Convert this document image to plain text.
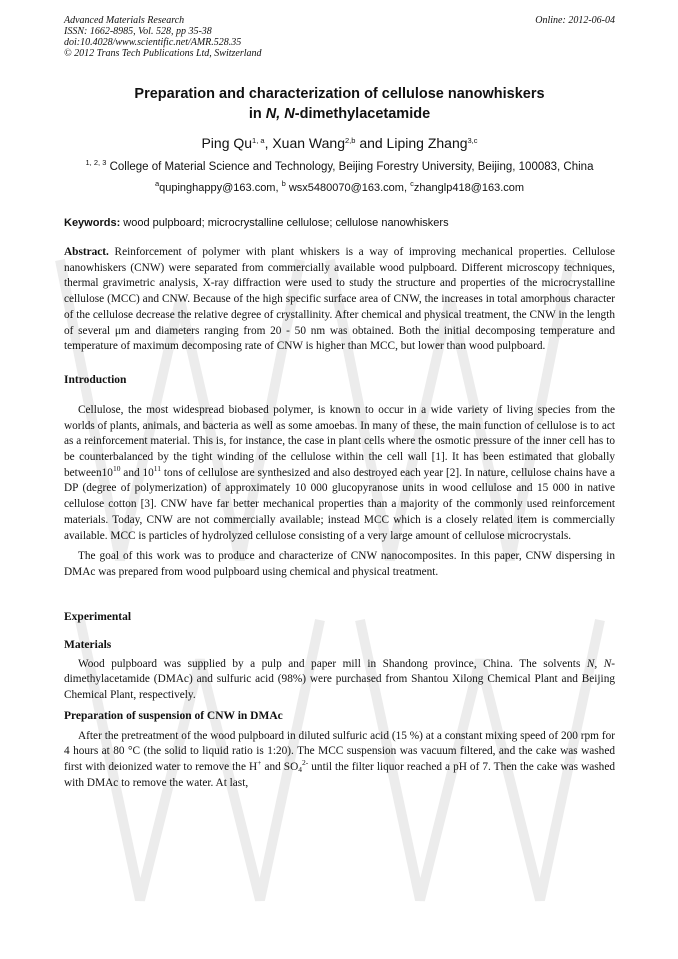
Advanced Materials Research
ISSN: 1662-8985, Vol. 528, pp 35-38
doi:10.4028/www.scientific.net/AMR.528.35
© 2012 Trans Tech Publications Ltd, Switzerland
Online: 2012-06-04
Preparation and characterization of cellulose nanowhiskers
in N, N-dimethylacetamide
Ping Qu$^{1, a}$, Xuan Wang$^{2,b}$ and Liping Zhang$^{3,c}$
$^{1, 2, 3}$ College of Material Science and Technology, Beijing Forestry University, Beijing, 100083, China
$^a$qupinghappy@163.com, $^b$ wsx5480070@163.com, $^c$zhanglp418@163.com
Keywords: wood pulpboard; microcrystalline cellulose; cellulose nanowhiskers

Abstract. Reinforcement of polymer with plant whiskers is a way of improving mechanical properties. Cellulose nanowhiskers (CNW) were separated from commercially available wood pulpboard. Different microscopy techniques, thermal gravimetric analysis, X-ray diffraction were used to study the structure and properties of the microcrystalline cellulose (MCC) and CNW. Because of the high specific surface area of CNW, the increases in total amorphous character of the cellulose decrease the relative degree of crystallinity. After chemical and physical treatment, the CNW in the length of several μm and diameters ranging from 20 - 50 nm was obtained. Both the initial decomposing temperature and temperature of maximum decomposing rate of CNW is higher than MCC, but lower than wood pulpboard.

Introduction

Cellulose, the most widespread biobased polymer, is known to occur in a wide variety of living species from the worlds of plants, animals, and bacteria as well as some amoebas. In many of these, the main function of cellulose is to act as a reinforcement material. This is, for instance, the case in plant cells where the osmotic pressure of the inner cell has to be counterbalanced by the tight winding of the cellulose within the cell wall [1]. It has been estimated that globally $between10^{10}$ and $10^{11}$ tons of cellulose are synthesized and also destroyed each year [2]. In nature, cellulose chains have a DP (degree of polymerization) of approximately 10 000 glucopyranose units in wood cellulose and 15 000 in native cellulose cotton [3]. CNW have far better mechanical properties than a majority of the commonly used reinforcement materials. Today, CNW are not commercially available; instead MCC which is a closely related item is commercially available. MCC is particles of hydrolyzed cellulose consisting of a very large amount of cellulose microcrystals.

The goal of this work was to produce and characterize of CNW nanocomposites. In this paper, CNW dispersing in DMAc was prepared from wood pulpboard using chemical and physical treatment.

Experimental
Materials

Wood pulpboard was supplied by a pulp and paper mill in Shandong province, China. The solvents N, N-dimethylacetamide (DMAc) and sulfuric acid (98%) were purchased from Shantou Xilong Chemical Plant and Beijing Chemical Plant, respectively.

Preparation of suspension of CNW in DMAc

After the pretreatment of the wood pulpboard in diluted sulfuric acid (15 %) at a constant mixing speed of 200 rpm for 4 hours at 80 °C (the solid to liquid ratio is 1:20). The MCC suspension was vacuum filtered, and the cake was washed first with deionized water to remove the H+ and $SO_4^{2-}$ until the filter liquor reached a pH of 7. Then the cake was washed with DMAc to remove the water. At last,
